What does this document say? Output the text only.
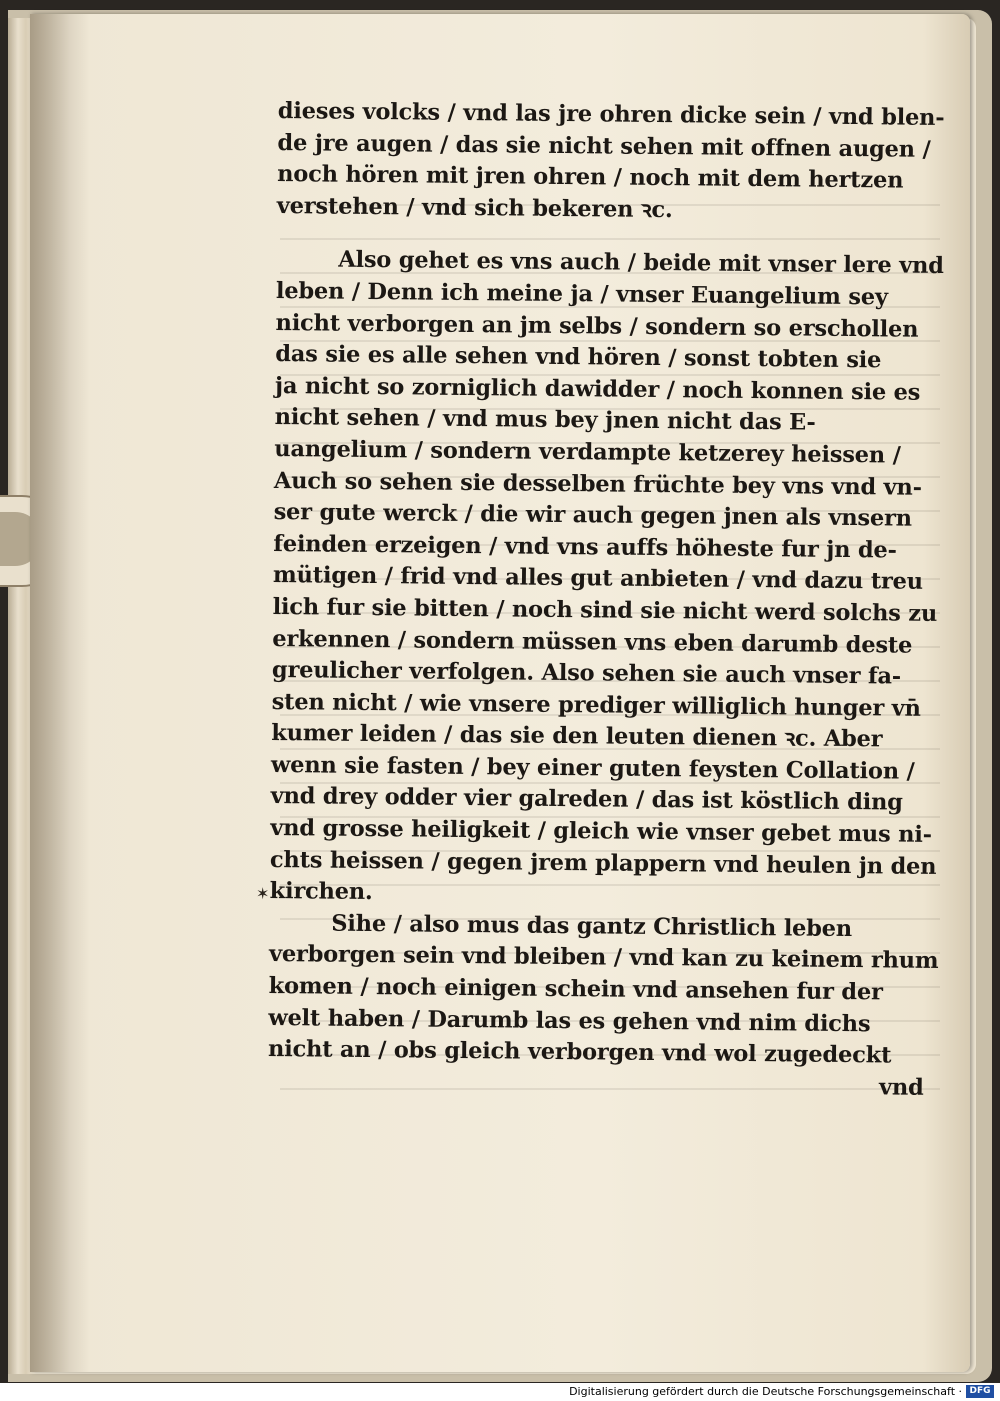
dieses volcks / vnd las jre ohren dicke sein / vnd blen-
de jre augen / das sie nicht sehen mit offnen augen /
noch hören mit jren ohren / noch mit dem hertzen
verstehen / vnd sich bekeren ꝛc.
Also gehet es vns auch / beide mit vnser lere vnd
leben / Denn ich meine ja / vnser Euangelium sey
nicht verborgen an jm selbs / sondern so erschollen
das sie es alle sehen vnd hören / sonst tobten sie
ja nicht so zorniglich dawidder / noch konnen sie es
nicht sehen / vnd mus bey jnen nicht das E-
uangelium / sondern verdampte ketzerey heissen /
Auch so sehen sie desselben früchte bey vns vnd vn-
ser gute werck / die wir auch gegen jnen als vnsern
feinden erzeigen / vnd vns auffs höheste fur jn de-
mütigen / frid vnd alles gut anbieten / vnd dazu treu
lich fur sie bitten / noch sind sie nicht werd solchs zu
erkennen / sondern müssen vns eben darumb deste
greulicher verfolgen. Also sehen sie auch vnser fa-
sten nicht / wie vnsere prediger williglich hunger vn̄
kumer leiden / das sie den leuten dienen ꝛc. Aber
wenn sie fasten / bey einer guten feysten Collation /
vnd drey odder vier galreden / das ist köstlich ding
vnd grosse heiligkeit / gleich wie vnser gebet mus ni-
chts heissen / gegen jrem plappern vnd heulen jn den
kirchen.
Sihe / also mus das gantz Christlich leben
verborgen sein vnd bleiben / vnd kan zu keinem rhum
komen / noch einigen schein vnd ansehen fur der
welt haben / Darumb las es gehen vnd nim dichs
nicht an / obs gleich verborgen vnd wol zugedeckt
vnd
✶
Digitalisierung gefördert durch die Deutsche Forschungsgemeinschaft · DFG
